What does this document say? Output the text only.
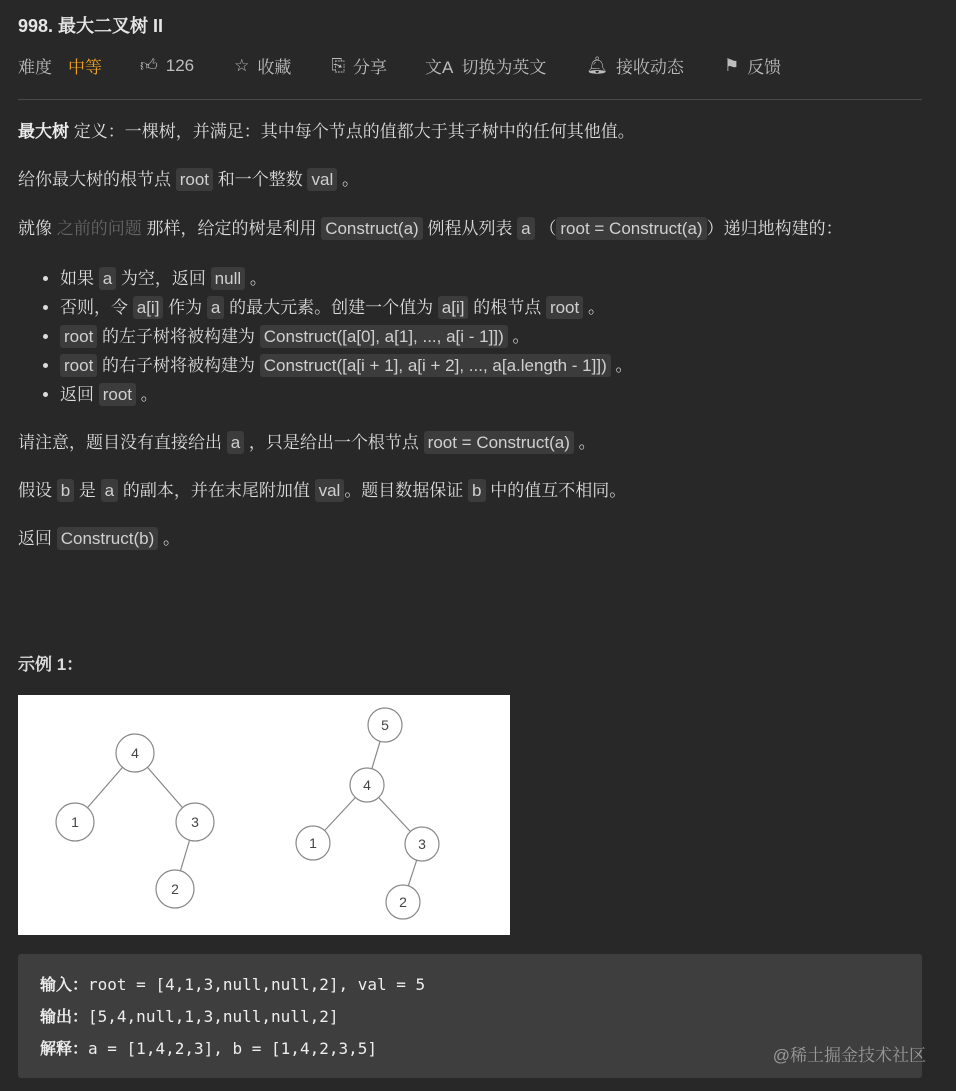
998. 最大二叉树 II
难度 中等 👍︎ 126 ☆ 收藏 ⎘ 分享 文A 切换为英文 🔔︎ 接收动态 ⚑ 反馈

最大树 定义：一棵树，并满足：其中每个节点的值都大于其子树中的任何其他值。

给你最大树的根节点 root 和一个整数 val 。

就像 之前的问题 那样，给定的树是利用 Construct(a) 例程从列表 a （ root = Construct(a) ）递归地构建的：

• 如果 a 为空，返回 null 。
• 否则，令 a[i] 作为 a 的最大元素。创建一个值为 a[i] 的根节点 root 。
• root 的左子树将被构建为 Construct([a[0], a[1], ..., a[i - 1]]) 。
• root 的右子树将被构建为 Construct([a[i + 1], a[i + 2], ..., a[a.length - 1]]) 。
• 返回 root 。

请注意，题目没有直接给出 a ，只是给出一个根节点 root = Construct(a) 。

假设 b 是 a 的副本，并在末尾附加值 val 。题目数据保证 b 中的值互不相同。

返回 Construct(b) 。

示例 1：
4
1	3
2
5
4
1	3
2
输入：root = [4,1,3,null,null,2], val = 5
输出：[5,4,null,1,3,null,null,2]
解释：a = [1,4,2,3], b = [1,4,2,3,5]	@稀土掘金技术社区
